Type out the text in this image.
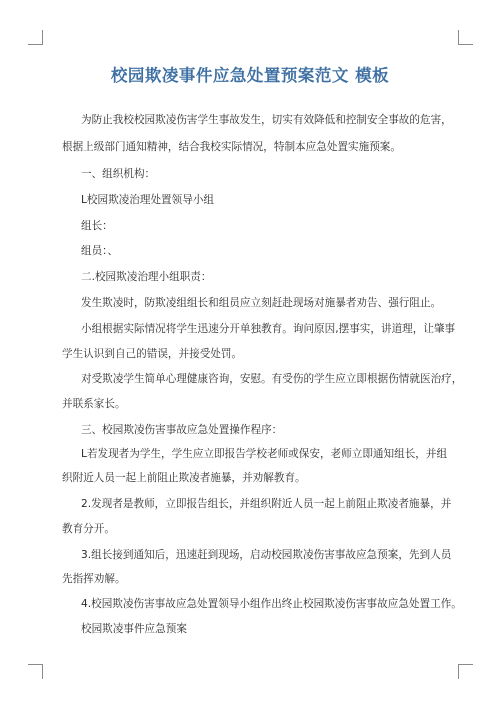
校园欺凌事件应急处置预案范文 模板
为防止我校校园欺凌伤害学生事故发生，切实有效降低和控制安全事故的危害，
根据上级部门通知精神，结合我校实际情况，特制本应急处置实施预案。
一、组织机构：
L校园欺凌治理处置领导小组
组长：
组员：、
二.校园欺凌治理小组职责：
发生欺凌时，防欺凌组组长和组员应立刻赶赴现场对施暴者劝告、强行阻止。
小组根据实际情况将学生迅速分开单独教育。询问原因,摆事实，讲道理，让肇事
学生认识到自己的错误，并接受处罚。
对受欺凌学生简单心理健康咨询，安慰。有受伤的学生应立即根据伤情就医治疗，
并联系家长。
三、校园欺凌伤害事故应急处置操作程序：
L若发现者为学生，学生应立即报告学校老师或保安，老师立即通知组长，并组
织附近人员一起上前阻止欺凌者施暴，并劝解教育。
2.发现者是教师，立即报告组长，并组织附近人员一起上前阻止欺凌者施暴，并
教育分开。
3.组长接到通知后，迅速赶到现场，启动校园欺凌伤害事故应急预案，先到人员
先指挥劝解。
4.校园欺凌伤害事故应急处置领导小组作出终止校园欺凌伤害事故应急处置工作。
校园欺凌事件应急预案
